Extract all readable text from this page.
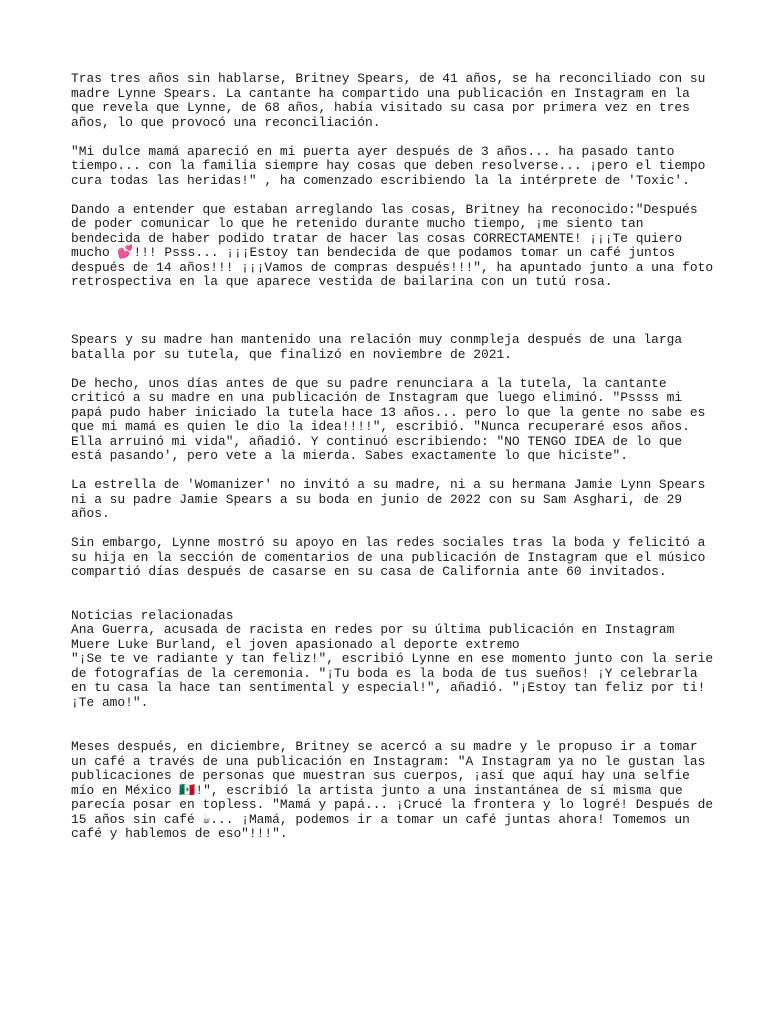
Tras tres años sin hablarse, Britney Spears, de 41 años, se ha reconciliado con su
madre Lynne Spears. La cantante ha compartido una publicación en Instagram en la
que revela que Lynne, de 68 años, había visitado su casa por primera vez en tres
años, lo que provocó una reconciliación.
"Mi dulce mamá apareció en mi puerta ayer después de 3 años... ha pasado tanto
tiempo... con la familia siempre hay cosas que deben resolverse... ¡pero el tiempo
cura todas las heridas!" , ha comenzado escribiendo la la intérprete de 'Toxic'.
Dando a entender que estaban arreglando las cosas, Britney ha reconocido:"Después
de poder comunicar lo que he retenido durante mucho tiempo, ¡me siento tan
bendecida de haber podido tratar de hacer las cosas CORRECTAMENTE! ¡¡¡Te quiero
mucho 💕!!! Psss... ¡¡¡Estoy tan bendecida de que podamos tomar un café juntos
después de 14 años!!! ¡¡¡Vamos de compras después!!!", ha apuntado junto a una foto
retrospectiva en la que aparece vestida de bailarina con un tutú rosa.
Spears y su madre han mantenido una relación muy conmpleja después de una larga
batalla por su tutela, que finalizó en noviembre de 2021.
De hecho, unos días antes de que su padre renunciara a la tutela, la cantante
criticó a su madre en una publicación de Instagram que luego eliminó. "Pssss mi
papá pudo haber iniciado la tutela hace 13 años... pero lo que la gente no sabe es
que mi mamá es quien le dio la idea!!!!", escribió. "Nunca recuperaré esos años.
Ella arruinó mi vida", añadió. Y continuó escribiendo: "NO TENGO IDEA de lo que
está pasando', pero vete a la mierda. Sabes exactamente lo que hiciste".
La estrella de 'Womanizer' no invitó a su madre, ni a su hermana Jamie Lynn Spears
ni a su padre Jamie Spears a su boda en junio de 2022 con su Sam Asghari, de 29
años.
Sin embargo, Lynne mostró su apoyo en las redes sociales tras la boda y felicitó a
su hija en la sección de comentarios de una publicación de Instagram que el músico
compartió días después de casarse en su casa de California ante 60 invitados.
Noticias relacionadas
Ana Guerra, acusada de racista en redes por su última publicación en Instagram
Muere Luke Burland, el joven apasionado al deporte extremo
"¡Se te ve radiante y tan feliz!", escribió Lynne en ese momento junto con la serie
de fotografías de la ceremonia. "¡Tu boda es la boda de tus sueños! ¡Y celebrarla
en tu casa la hace tan sentimental y especial!", añadió. "¡Estoy tan feliz por ti!
¡Te amo!".
Meses después, en diciembre, Britney se acercó a su madre y le propuso ir a tomar
un café a través de una publicación en Instagram: "A Instagram ya no le gustan las
publicaciones de personas que muestran sus cuerpos, ¡así que aquí hay una selfie
mío en México 🇲🇽!", escribió la artista junto a una instantánea de sí misma que
parecía posar en topless. "Mamá y papá... ¡Crucé la frontera y lo logré! Después de
15 años sin café ☕... ¡Mamá, podemos ir a tomar un café juntas ahora! Tomemos un
café y hablemos de eso"!!!".
